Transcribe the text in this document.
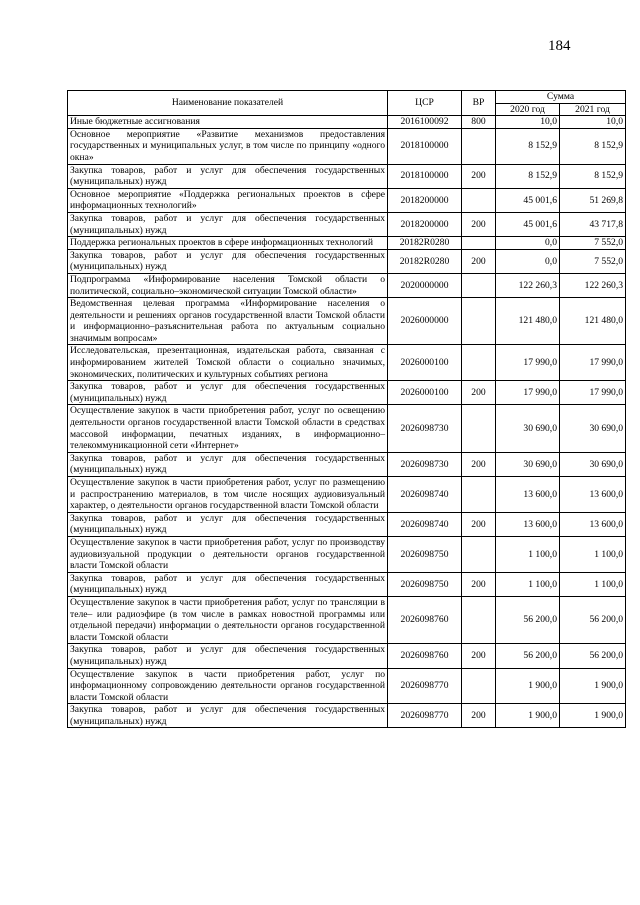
184
Наименование показателей	ЦСР	ВР	Сумма	
			2020 год	2021 год
Иные бюджетные ассигнования	2016100092	800	10,0	10,0
Основное мероприятие «Развитие механизмов предоставления государственных и муниципальных услуг, в том числе по принципу «одного окна»	2018100000		8 152,9	8 152,9
Закупка товаров, работ и услуг для обеспечения государственных (муниципальных) нужд	2018100000	200	8 152,9	8 152,9
Основное мероприятие «Поддержка региональных проектов в сфере информационных технологий»	2018200000		45 001,6	51 269,8
Закупка товаров, работ и услуг для обеспечения государственных (муниципальных) нужд	2018200000	200	45 001,6	43 717,8
Поддержка региональных проектов в сфере информационных технологий	20182R0280		0,0	7 552,0
Закупка товаров, работ и услуг для обеспечения государственных (муниципальных) нужд	20182R0280	200	0,0	7 552,0
Подпрограмма «Информирование населения Томской области о политической, социально–экономической ситуации Томской области»	2020000000		122 260,3	122 260,3
Ведомственная целевая программа «Информирование населения о деятельности и решениях органов государственной власти Томской области и информационно–разъяснительная работа по актуальным социально значимым вопросам»	2026000000		121 480,0	121 480,0
Исследовательская, презентационная, издательская работа, связанная с информированием жителей Томской области о социально значимых, экономических, политических и культурных событиях региона	2026000100		17 990,0	17 990,0
Закупка товаров, работ и услуг для обеспечения государственных (муниципальных) нужд	2026000100	200	17 990,0	17 990,0
Осуществление закупок в части приобретения работ, услуг по освещению деятельности органов государственной власти Томской области в средствах массовой информации, печатных изданиях, в информационно–телекоммуникационной сети «Интернет»	2026098730		30 690,0	30 690,0
Закупка товаров, работ и услуг для обеспечения государственных (муниципальных) нужд	2026098730	200	30 690,0	30 690,0
Осуществление закупок в части приобретения работ, услуг по размещению и распространению материалов, в том числе носящих аудиовизуальный характер, о деятельности органов государственной власти Томской области	2026098740		13 600,0	13 600,0
Закупка товаров, работ и услуг для обеспечения государственных (муниципальных) нужд	2026098740	200	13 600,0	13 600,0
Осуществление закупок в части приобретения работ, услуг по производству аудиовизуальной продукции о деятельности органов государственной власти Томской области	2026098750		1 100,0	1 100,0
Закупка товаров, работ и услуг для обеспечения государственных (муниципальных) нужд	2026098750	200	1 100,0	1 100,0
Осуществление закупок в части приобретения работ, услуг по трансляции в теле– или радиоэфире (в том числе в рамках новостной программы или отдельной передачи) информации о деятельности органов государственной власти Томской области	2026098760		56 200,0	56 200,0
Закупка товаров, работ и услуг для обеспечения государственных (муниципальных) нужд	2026098760	200	56 200,0	56 200,0
Осуществление закупок в части приобретения работ, услуг по информационному сопровождению деятельности органов государственной власти Томской области	2026098770		1 900,0	1 900,0
Закупка товаров, работ и услуг для обеспечения государственных (муниципальных) нужд	2026098770	200	1 900,0	1 900,0
